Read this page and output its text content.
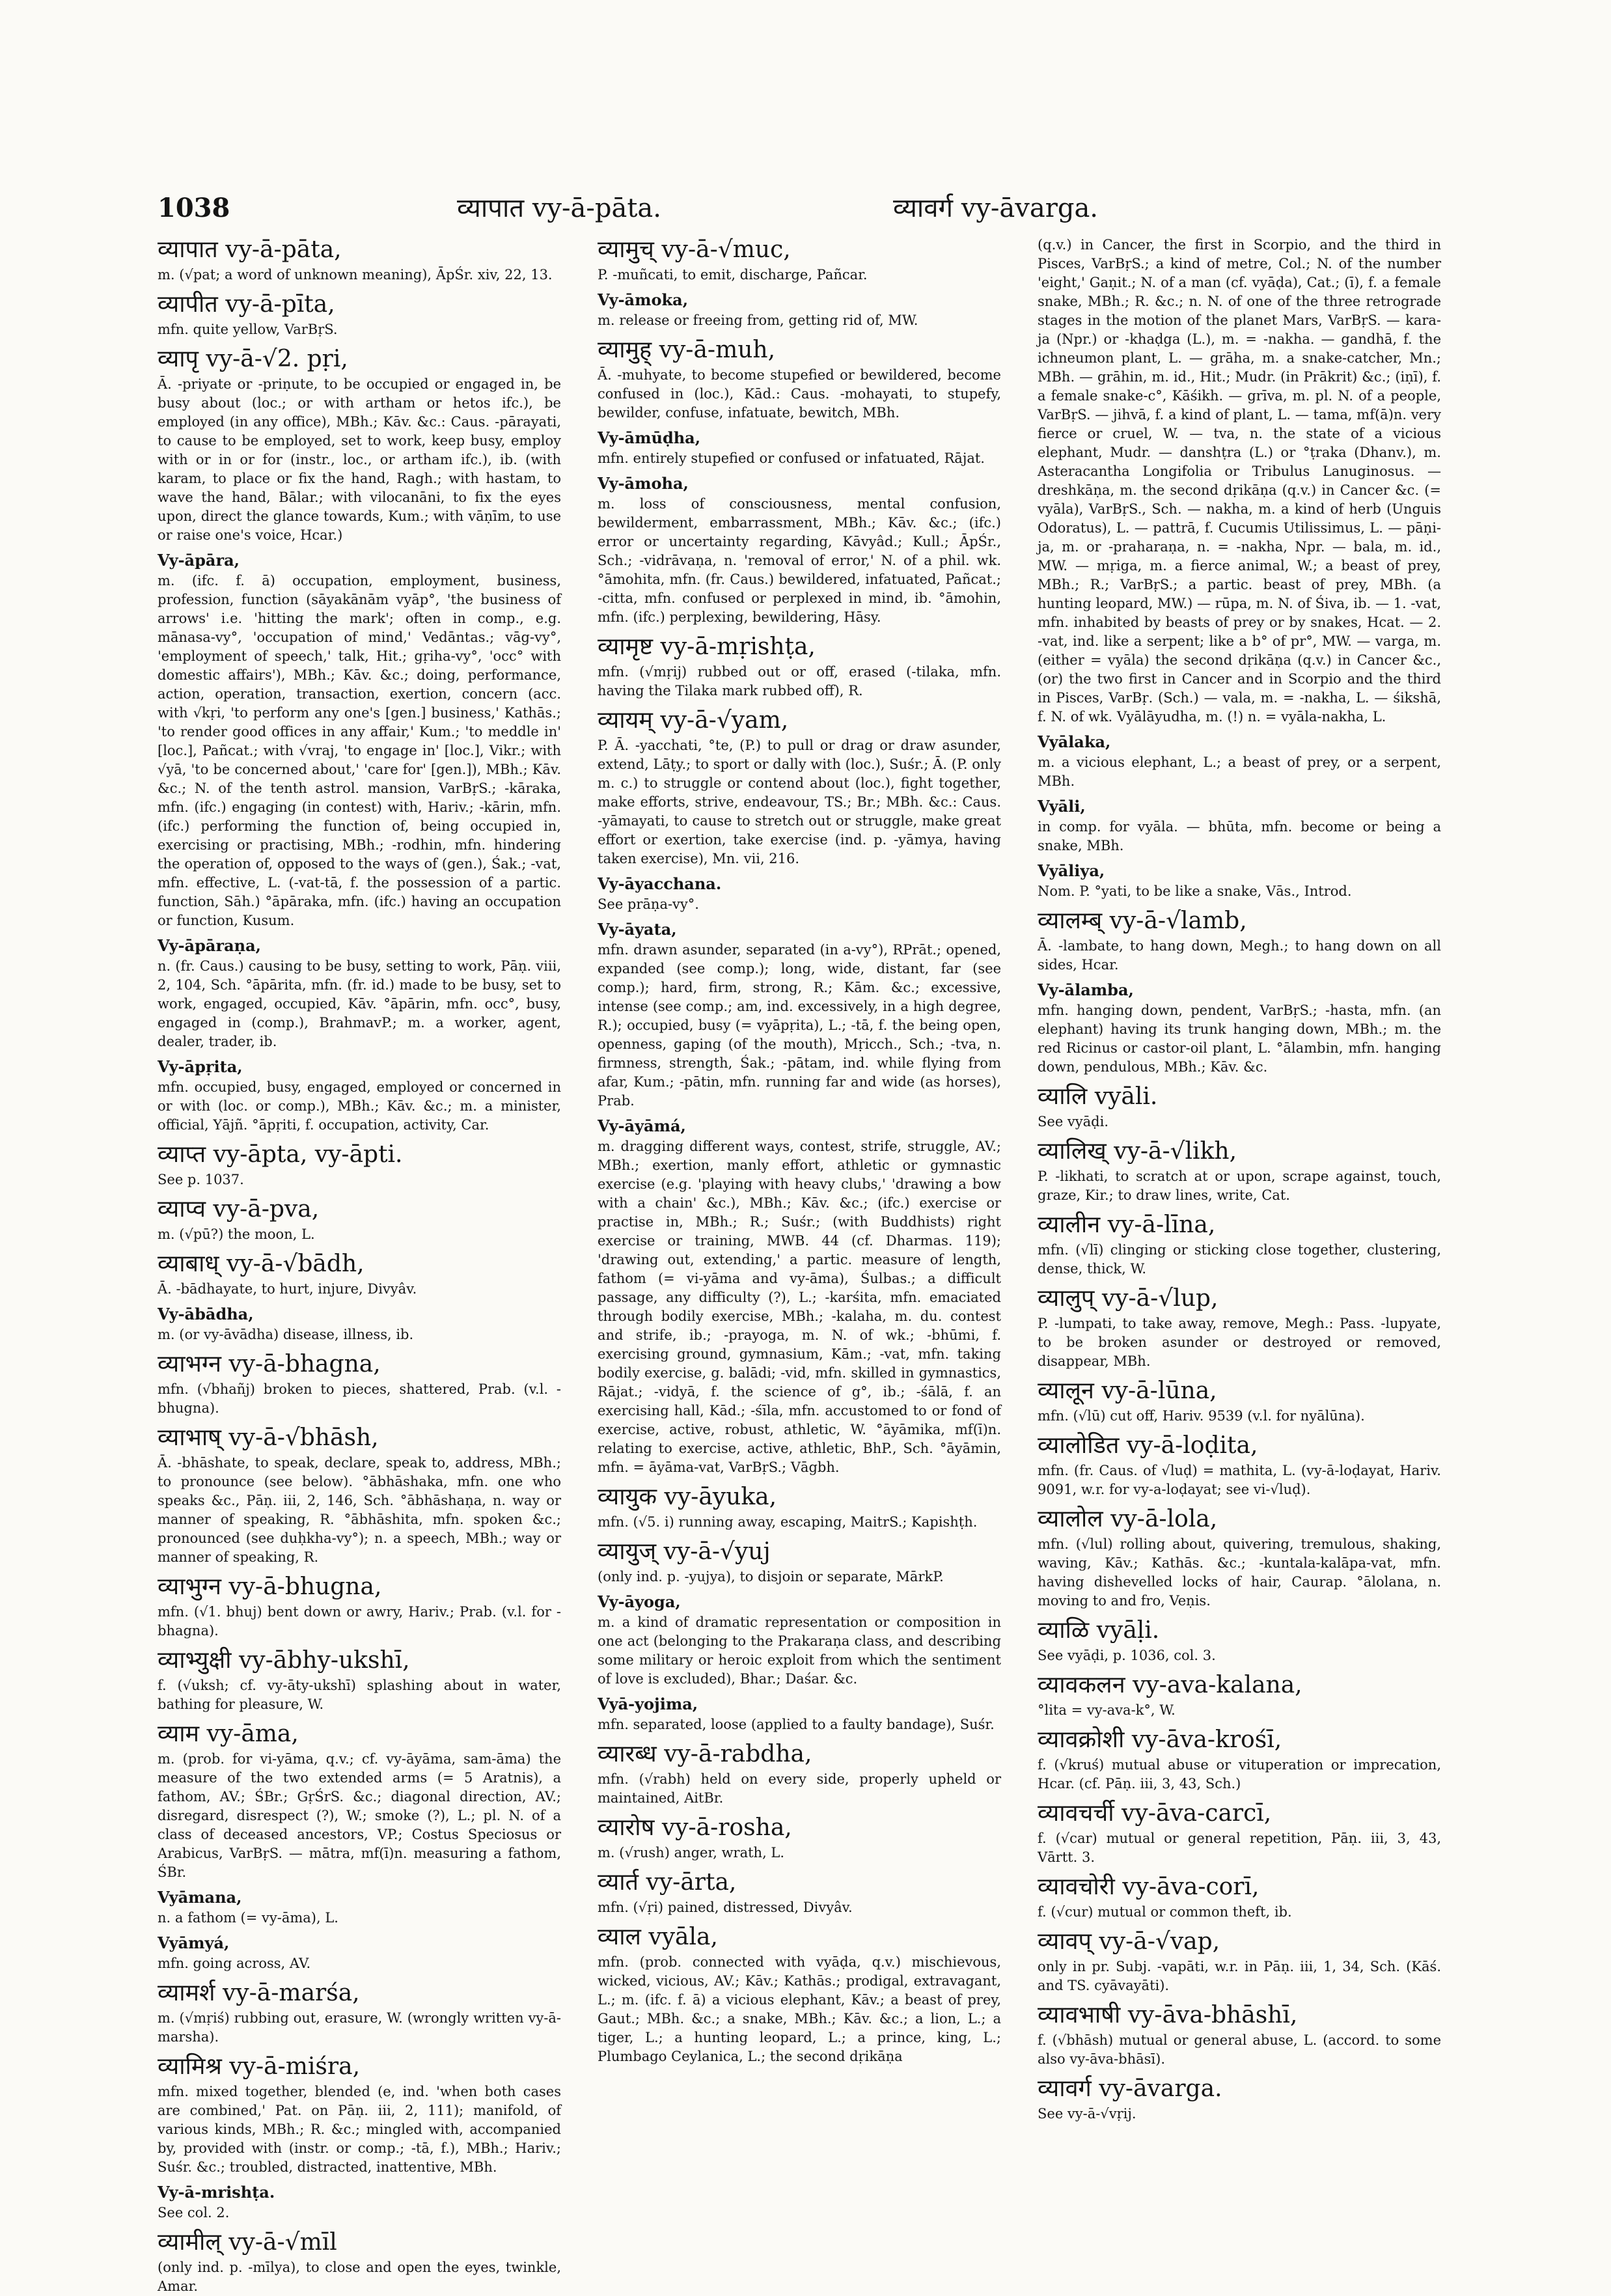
1038	व्यापात vy-ā-pāta.	व्यावर्ग vy-āvarga.
व्यापात vy-ā-pāta,
m. (√pat; a word of unknown meaning), ĀpŚr. xiv, 22, 13.
व्यापीत vy-ā-pīta,
mfn. quite yellow, VarBṛS.
व्यापृ vy-ā-√2. pṛi,
Ā. -priyate or -priṇute, to be occupied or engaged in, be busy about (loc.; or with artham or hetos ifc.), be employed (in any office), MBh.; Kāv. &c.: Caus. -pārayati, to cause to be employed, set to work, keep busy, employ with or in or for (instr., loc., or artham ifc.), ib. (with karam, to place or fix the hand, Ragh.; with hastam, to wave the hand, Bālar.; with vilocanāni, to fix the eyes upon, direct the glance towards, Kum.; with vāṇīm, to use or raise one's voice, Hcar.)
Vy-āpāra,
m. (ifc. f. ā) occupation, employment, business, profession, function (sāyakānām vyāp°, 'the business of arrows' i.e. 'hitting the mark'; often in comp., e.g. mānasa-vy°, 'occupation of mind,' Vedāntas.; vāg-vy°, 'employment of speech,' talk, Hit.; gṛiha-vy°, 'occ° with domestic affairs'), MBh.; Kāv. &c.; doing, performance, action, operation, transaction, exertion, concern (acc. with √kṛi, 'to perform any one's [gen.] business,' Kathās.; 'to render good offices in any affair,' Kum.; 'to meddle in' [loc.], Pañcat.; with √vraj, 'to engage in' [loc.], Vikr.; with √yā, 'to be concerned about,' 'care for' [gen.]), MBh.; Kāv. &c.; N. of the tenth astrol. mansion, VarBṛS.; -kāraka, mfn. (ifc.) engaging (in contest) with, Hariv.; -kārin, mfn. (ifc.) performing the function of, being occupied in, exercising or practising, MBh.; -rodhin, mfn. hindering the operation of, opposed to the ways of (gen.), Śak.; -vat, mfn. effective, L. (-vat-tā, f. the possession of a partic. function, Sāh.) °āpāraka, mfn. (ifc.) having an occupation or function, Kusum.
Vy-āpāraṇa,
n. (fr. Caus.) causing to be busy, setting to work, Pāṇ. viii, 2, 104, Sch. °āpārita, mfn. (fr. id.) made to be busy, set to work, engaged, occupied, Kāv. °āpārin, mfn. occ°, busy, engaged in (comp.), BrahmavP.; m. a worker, agent, dealer, trader, ib.
Vy-āpṛita,
mfn. occupied, busy, engaged, employed or concerned in or with (loc. or comp.), MBh.; Kāv. &c.; m. a minister, official, Yājñ. °āpṛiti, f. occupation, activity, Car.
व्याप्त vy-āpta, vy-āpti.
See p. 1037.
व्याप्व vy-ā-pva,
m. (√pū?) the moon, L.
व्याबाध् vy-ā-√bādh,
Ā. -bādhayate, to hurt, injure, Divyâv.
Vy-ābādha,
m. (or vy-āvādha) disease, illness, ib.
व्याभग्न vy-ā-bhagna,
mfn. (√bhañj) broken to pieces, shattered, Prab. (v.l. -bhugna).
व्याभाष् vy-ā-√bhāsh,
Ā. -bhāshate, to speak, declare, speak to, address, MBh.; to pronounce (see below). °ābhāshaka, mfn. one who speaks &c., Pāṇ. iii, 2, 146, Sch. °ābhāshaṇa, n. way or manner of speaking, R. °ābhāshita, mfn. spoken &c.; pronounced (see duḥkha-vy°); n. a speech, MBh.; way or manner of speaking, R.
व्याभुग्न vy-ā-bhugna,
mfn. (√1. bhuj) bent down or awry, Hariv.; Prab. (v.l. for -bhagna).
व्याभ्युक्षी vy-ābhy-ukshī,
f. (√uksh; cf. vy-āty-ukshī) splashing about in water, bathing for pleasure, W.
व्याम vy-āma,
m. (prob. for vi-yāma, q.v.; cf. vy-āyāma, sam-āma) the measure of the two extended arms (= 5 Aratnis), a fathom, AV.; ŚBr.; GṛŚrS. &c.; diagonal direction, AV.; disregard, disrespect (?), W.; smoke (?), L.; pl. N. of a class of deceased ancestors, VP.; Costus Speciosus or Arabicus, VarBṛS. — mātra, mf(ī)n. measuring a fathom, ŚBr.
Vyāmana,
n. a fathom (= vy-āma), L.
Vyāmyá,
mfn. going across, AV.
व्यामर्श vy-ā-marśa,
m. (√mṛiś) rubbing out, erasure, W. (wrongly written vy-ā-marsha).
व्यामिश्र vy-ā-miśra,
mfn. mixed together, blended (e, ind. 'when both cases are combined,' Pat. on Pāṇ. iii, 2, 111); manifold, of various kinds, MBh.; R. &c.; mingled with, accompanied by, provided with (instr. or comp.; -tā, f.), MBh.; Hariv.; Suśr. &c.; troubled, distracted, inattentive, MBh.
Vy-ā-mrishṭa.
See col. 2.
व्यामील् vy-ā-√mīl
(only ind. p. -mīlya), to close and open the eyes, twinkle, Amar.
व्यामुच् vy-ā-√muc,
P. -muñcati, to emit, discharge, Pañcar.
Vy-āmoka,
m. release or freeing from, getting rid of, MW.
व्यामुह् vy-ā-muh,
Ā. -muhyate, to become stupefied or bewildered, become confused in (loc.), Kād.: Caus. -mohayati, to stupefy, bewilder, confuse, infatuate, bewitch, MBh.
Vy-āmūḍha,
mfn. entirely stupefied or confused or infatuated, Rājat.
Vy-āmoha,
m. loss of consciousness, mental confusion, bewilderment, embarrassment, MBh.; Kāv. &c.; (ifc.) error or uncertainty regarding, Kāvyâd.; Kull.; ĀpŚr., Sch.; -vidrāvaṇa, n. 'removal of error,' N. of a phil. wk. °āmohita, mfn. (fr. Caus.) bewildered, infatuated, Pañcat.; -citta, mfn. confused or perplexed in mind, ib. °āmohin, mfn. (ifc.) perplexing, bewildering, Hāsy.
व्यामृष्ट vy-ā-mṛishṭa,
mfn. (√mṛij) rubbed out or off, erased (-tilaka, mfn. having the Tilaka mark rubbed off), R.
व्यायम् vy-ā-√yam,
P. Ā. -yacchati, °te, (P.) to pull or drag or draw asunder, extend, Lāṭy.; to sport or dally with (loc.), Suśr.; Ā. (P. only m. c.) to struggle or contend about (loc.), fight together, make efforts, strive, endeavour, TS.; Br.; MBh. &c.: Caus. -yāmayati, to cause to stretch out or struggle, make great effort or exertion, take exercise (ind. p. -yāmya, having taken exercise), Mn. vii, 216.
Vy-āyacchana.
See prāṇa-vy°.
Vy-āyata,
mfn. drawn asunder, separated (in a-vy°), RPrāt.; opened, expanded (see comp.); long, wide, distant, far (see comp.); hard, firm, strong, R.; Kām. &c.; excessive, intense (see comp.; am, ind. excessively, in a high degree, R.); occupied, busy (= vyāpṛita), L.; -tā, f. the being open, openness, gaping (of the mouth), Mṛicch., Sch.; -tva, n. firmness, strength, Śak.; -pātam, ind. while flying from afar, Kum.; -pātin, mfn. running far and wide (as horses), Prab.
Vy-āyāmá,
m. dragging different ways, contest, strife, struggle, AV.; MBh.; exertion, manly effort, athletic or gymnastic exercise (e.g. 'playing with heavy clubs,' 'drawing a bow with a chain' &c.), MBh.; Kāv. &c.; (ifc.) exercise or practise in, MBh.; R.; Suśr.; (with Buddhists) right exercise or training, MWB. 44 (cf. Dharmas. 119); 'drawing out, extending,' a partic. measure of length, fathom (= vi-yāma and vy-āma), Śulbas.; a difficult passage, any difficulty (?), L.; -karśita, mfn. emaciated through bodily exercise, MBh.; -kalaha, m. du. contest and strife, ib.; -prayoga, m. N. of wk.; -bhūmi, f. exercising ground, gymnasium, Kām.; -vat, mfn. taking bodily exercise, g. balādi; -vid, mfn. skilled in gymnastics, Rājat.; -vidyā, f. the science of g°, ib.; -śālā, f. an exercising hall, Kād.; -śīla, mfn. accustomed to or fond of exercise, active, robust, athletic, W. °āyāmika, mf(ī)n. relating to exercise, active, athletic, BhP., Sch. °āyāmin, mfn. = āyāma-vat, VarBṛS.; Vāgbh.
व्यायुक vy-āyuka,
mfn. (√5. i) running away, escaping, MaitrS.; Kapishṭh.
व्यायुज् vy-ā-√yuj
(only ind. p. -yujya), to disjoin or separate, MārkP.
Vy-āyoga,
m. a kind of dramatic representation or composition in one act (belonging to the Prakaraṇa class, and describing some military or heroic exploit from which the sentiment of love is excluded), Bhar.; Daśar. &c.
Vyā-yojima,
mfn. separated, loose (applied to a faulty bandage), Suśr.
व्यारब्ध vy-ā-rabdha,
mfn. (√rabh) held on every side, properly upheld or maintained, AitBr.
व्यारोष vy-ā-rosha,
m. (√rush) anger, wrath, L.
व्यार्त vy-ārta,
mfn. (√ṛi) pained, distressed, Divyâv.
व्याल vyāla,
mfn. (prob. connected with vyāḍa, q.v.) mischievous, wicked, vicious, AV.; Kāv.; Kathās.; prodigal, extravagant, L.; m. (ifc. f. ā) a vicious elephant, Kāv.; a beast of prey, Gaut.; MBh. &c.; a snake, MBh.; Kāv. &c.; a lion, L.; a tiger, L.; a hunting leopard, L.; a prince, king, L.; Plumbago Ceylanica, L.; the second dṛikāṇa
(q.v.) in Cancer, the first in Scorpio, and the third in Pisces, VarBṛS.; a kind of metre, Col.; N. of the number 'eight,' Gaṇit.; N. of a man (cf. vyāḍa), Cat.; (ī), f. a female snake, MBh.; R. &c.; n. N. of one of the three retrograde stages in the motion of the planet Mars, VarBṛS. — kara-ja (Npr.) or -khaḍga (L.), m. = -nakha. — gandhā, f. the ichneumon plant, L. — grāha, m. a snake-catcher, Mn.; MBh. — grāhin, m. id., Hit.; Mudr. (in Prākrit) &c.; (iṇī), f. a female snake-c°, Kāśikh. — grīva, m. pl. N. of a people, VarBṛS. — jihvā, f. a kind of plant, L. — tama, mf(ā)n. very fierce or cruel, W. — tva, n. the state of a vicious elephant, Mudr. — danshṭra (L.) or °ṭraka (Dhanv.), m. Asteracantha Longifolia or Tribulus Lanuginosus. — dreshkāṇa, m. the second dṛikāṇa (q.v.) in Cancer &c. (= vyāla), VarBṛS., Sch. — nakha, m. a kind of herb (Unguis Odoratus), L. — pattrā, f. Cucumis Utilissimus, L. — pāṇi-ja, m. or -praharaṇa, n. = -nakha, Npr. — bala, m. id., MW. — mṛiga, m. a fierce animal, W.; a beast of prey, MBh.; R.; VarBṛS.; a partic. beast of prey, MBh. (a hunting leopard, MW.) — rūpa, m. N. of Śiva, ib. — 1. -vat, mfn. inhabited by beasts of prey or by snakes, Hcat. — 2. -vat, ind. like a serpent; like a b° of pr°, MW. — varga, m. (either = vyāla) the second dṛikāṇa (q.v.) in Cancer &c., (or) the two first in Cancer and in Scorpio and the third in Pisces, VarBṛ. (Sch.) — vala, m. = -nakha, L. — śikshā, f. N. of wk. Vyālāyudha, m. (!) n. = vyāla-nakha, L.
Vyālaka,
m. a vicious elephant, L.; a beast of prey, or a serpent, MBh.
Vyāli,
in comp. for vyāla. — bhūta, mfn. become or being a snake, MBh.
Vyāliya,
Nom. P. °yati, to be like a snake, Vās., Introd.
व्यालम्ब् vy-ā-√lamb,
Ā. -lambate, to hang down, Megh.; to hang down on all sides, Hcar.
Vy-ālamba,
mfn. hanging down, pendent, VarBṛS.; -hasta, mfn. (an elephant) having its trunk hanging down, MBh.; m. the red Ricinus or castor-oil plant, L. °ālambin, mfn. hanging down, pendulous, MBh.; Kāv. &c.
व्यालि vyāli.
See vyāḍi.
व्यालिख् vy-ā-√likh,
P. -likhati, to scratch at or upon, scrape against, touch, graze, Kir.; to draw lines, write, Cat.
व्यालीन vy-ā-līna,
mfn. (√lī) clinging or sticking close together, clustering, dense, thick, W.
व्यालुप् vy-ā-√lup,
P. -lumpati, to take away, remove, Megh.: Pass. -lupyate, to be broken asunder or destroyed or removed, disappear, MBh.
व्यालून vy-ā-lūna,
mfn. (√lū) cut off, Hariv. 9539 (v.l. for nyālūna).
व्यालोडित vy-ā-loḍita,
mfn. (fr. Caus. of √luḍ) = mathita, L. (vy-ā-loḍayat, Hariv. 9091, w.r. for vy-a-loḍayat; see vi-√luḍ).
व्यालोल vy-ā-lola,
mfn. (√lul) rolling about, quivering, tremulous, shaking, waving, Kāv.; Kathās. &c.; -kuntala-kalāpa-vat, mfn. having dishevelled locks of hair, Caurap. °ālolana, n. moving to and fro, Veṇis.
व्याळि vyāḷi.
See vyāḍi, p. 1036, col. 3.
व्यावकलन vy-ava-kalana,
°lita = vy-ava-k°, W.
व्यावक्रोशी vy-āva-krośī,
f. (√kruś) mutual abuse or vituperation or imprecation, Hcar. (cf. Pāṇ. iii, 3, 43, Sch.)
व्यावचर्ची vy-āva-carcī,
f. (√car) mutual or general repetition, Pāṇ. iii, 3, 43, Vārtt. 3.
व्यावचोरी vy-āva-corī,
f. (√cur) mutual or common theft, ib.
व्यावप् vy-ā-√vap,
only in pr. Subj. -vapāti, w.r. in Pāṇ. iii, 1, 34, Sch. (Kāś. and TS. cyāvayāti).
व्यावभाषी vy-āva-bhāshī,
f. (√bhāsh) mutual or general abuse, L. (accord. to some also vy-āva-bhāsī).
व्यावर्ग vy-āvarga.
See vy-ā-√vṛij.
